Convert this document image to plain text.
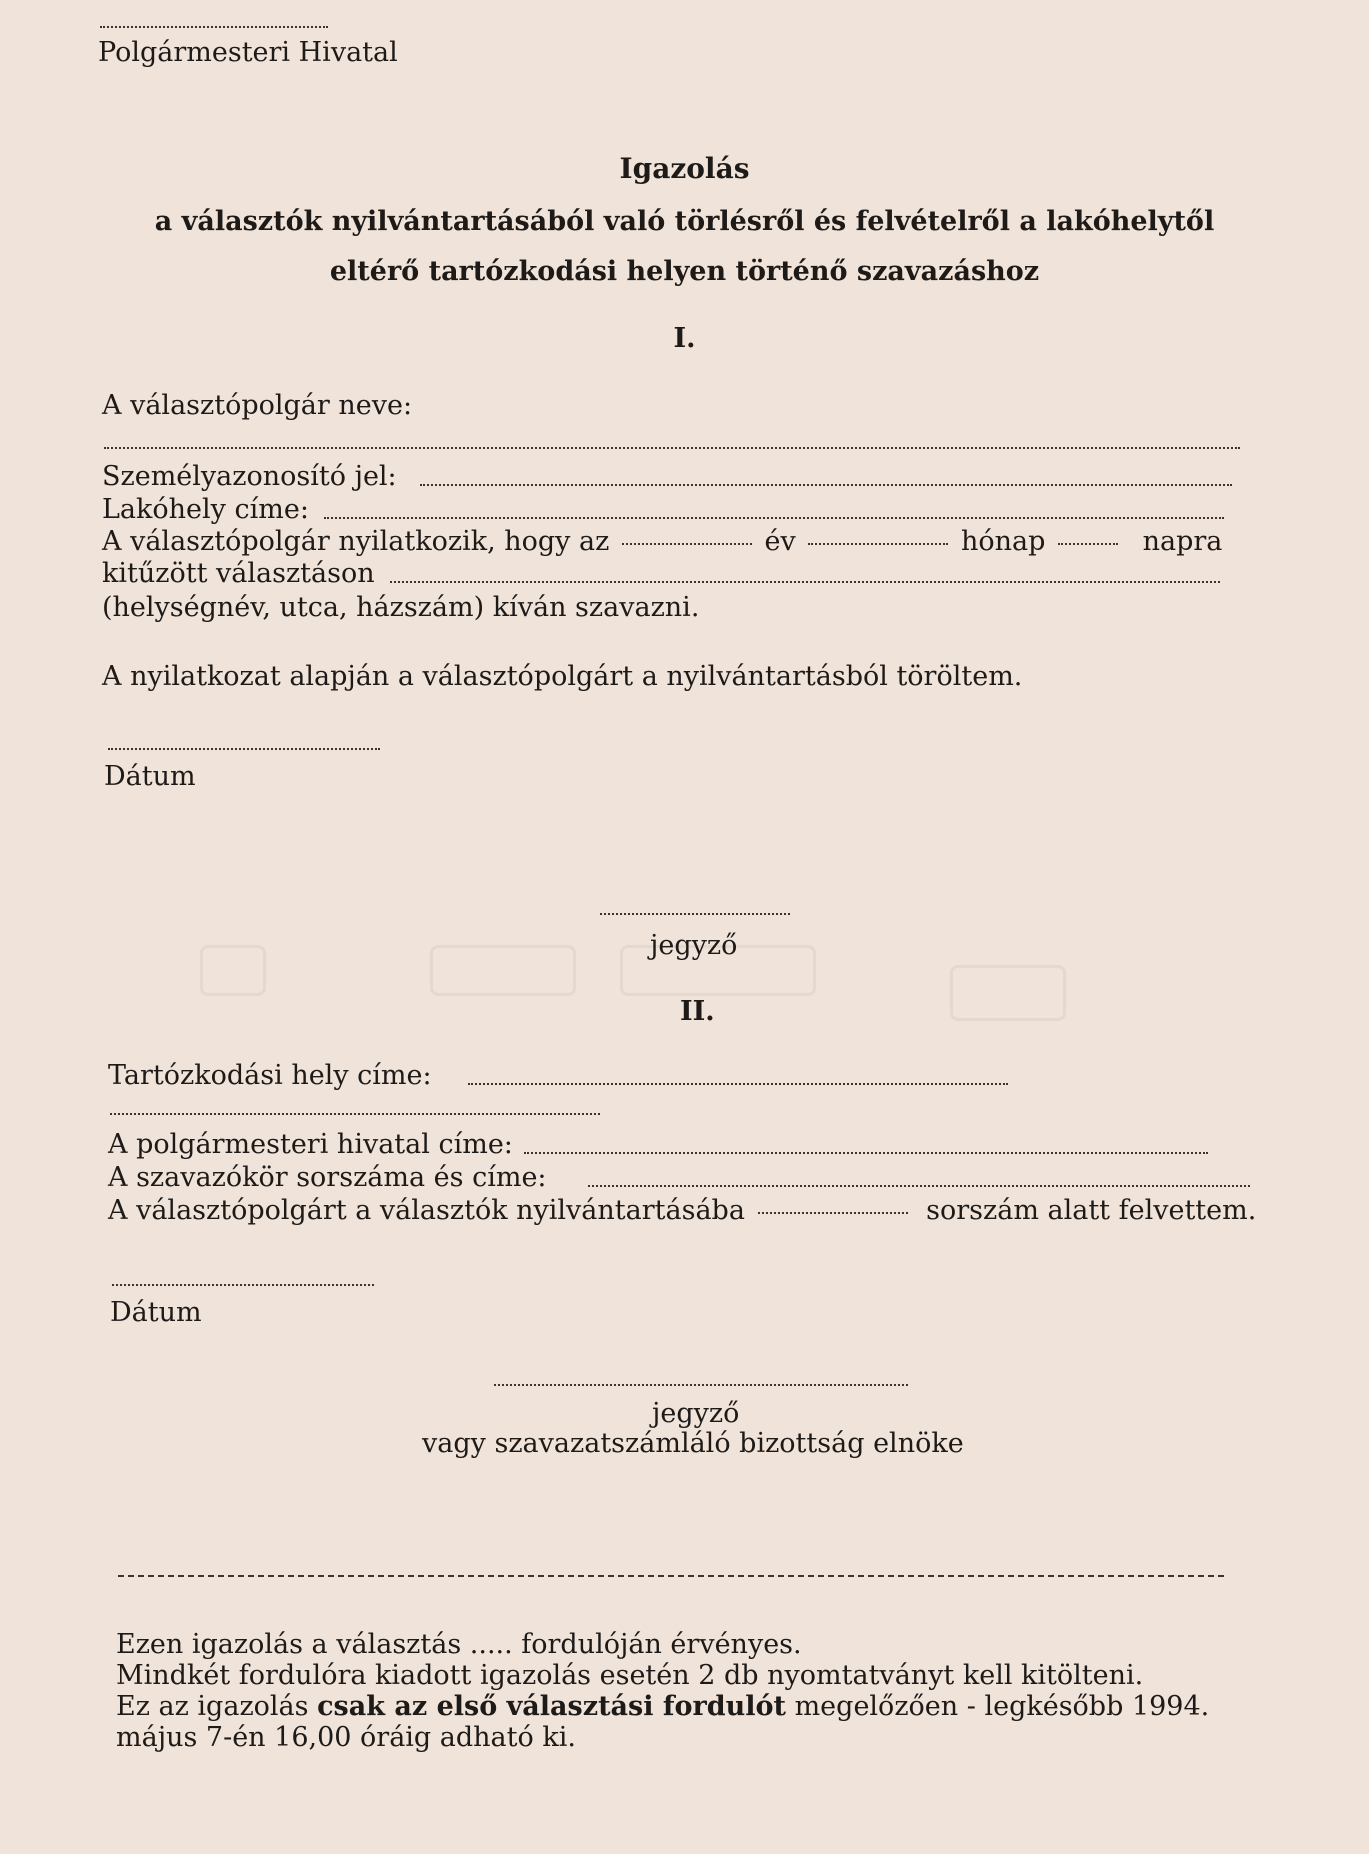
Polgármesteri Hivatal
Igazolás
a választók nyilvántartásából való törlésről és felvételről a lakóhelytől
eltérő tartózkodási helyen történő szavazáshoz
I.
A választópolgár neve:
Személyazonosító jel:
Lakóhely címe:
A választópolgár nyilatkozik, hogy az	év	hónap	napra
kitűzött választáson
(helységnév, utca, házszám) kíván szavazni.
A nyilatkozat alapján a választópolgárt a nyilvántartásból töröltem.
Dátum
jegyző
II.
Tartózkodási hely címe:
A polgármesteri hivatal címe:
A szavazókör sorszáma és címe:
A választópolgárt a választók nyilvántartásába	sorszám alatt felvettem.
Dátum
jegyző
vagy szavazatszámláló bizottság elnöke
Ezen igazolás a választás ..... fordulóján érvényes.
Mindkét fordulóra kiadott igazolás esetén 2 db nyomtatványt kell kitölteni.
Ez az igazolás csak az első választási fordulót megelőzően - legkésőbb 1994.
május 7-én 16,00 óráig adható ki.
